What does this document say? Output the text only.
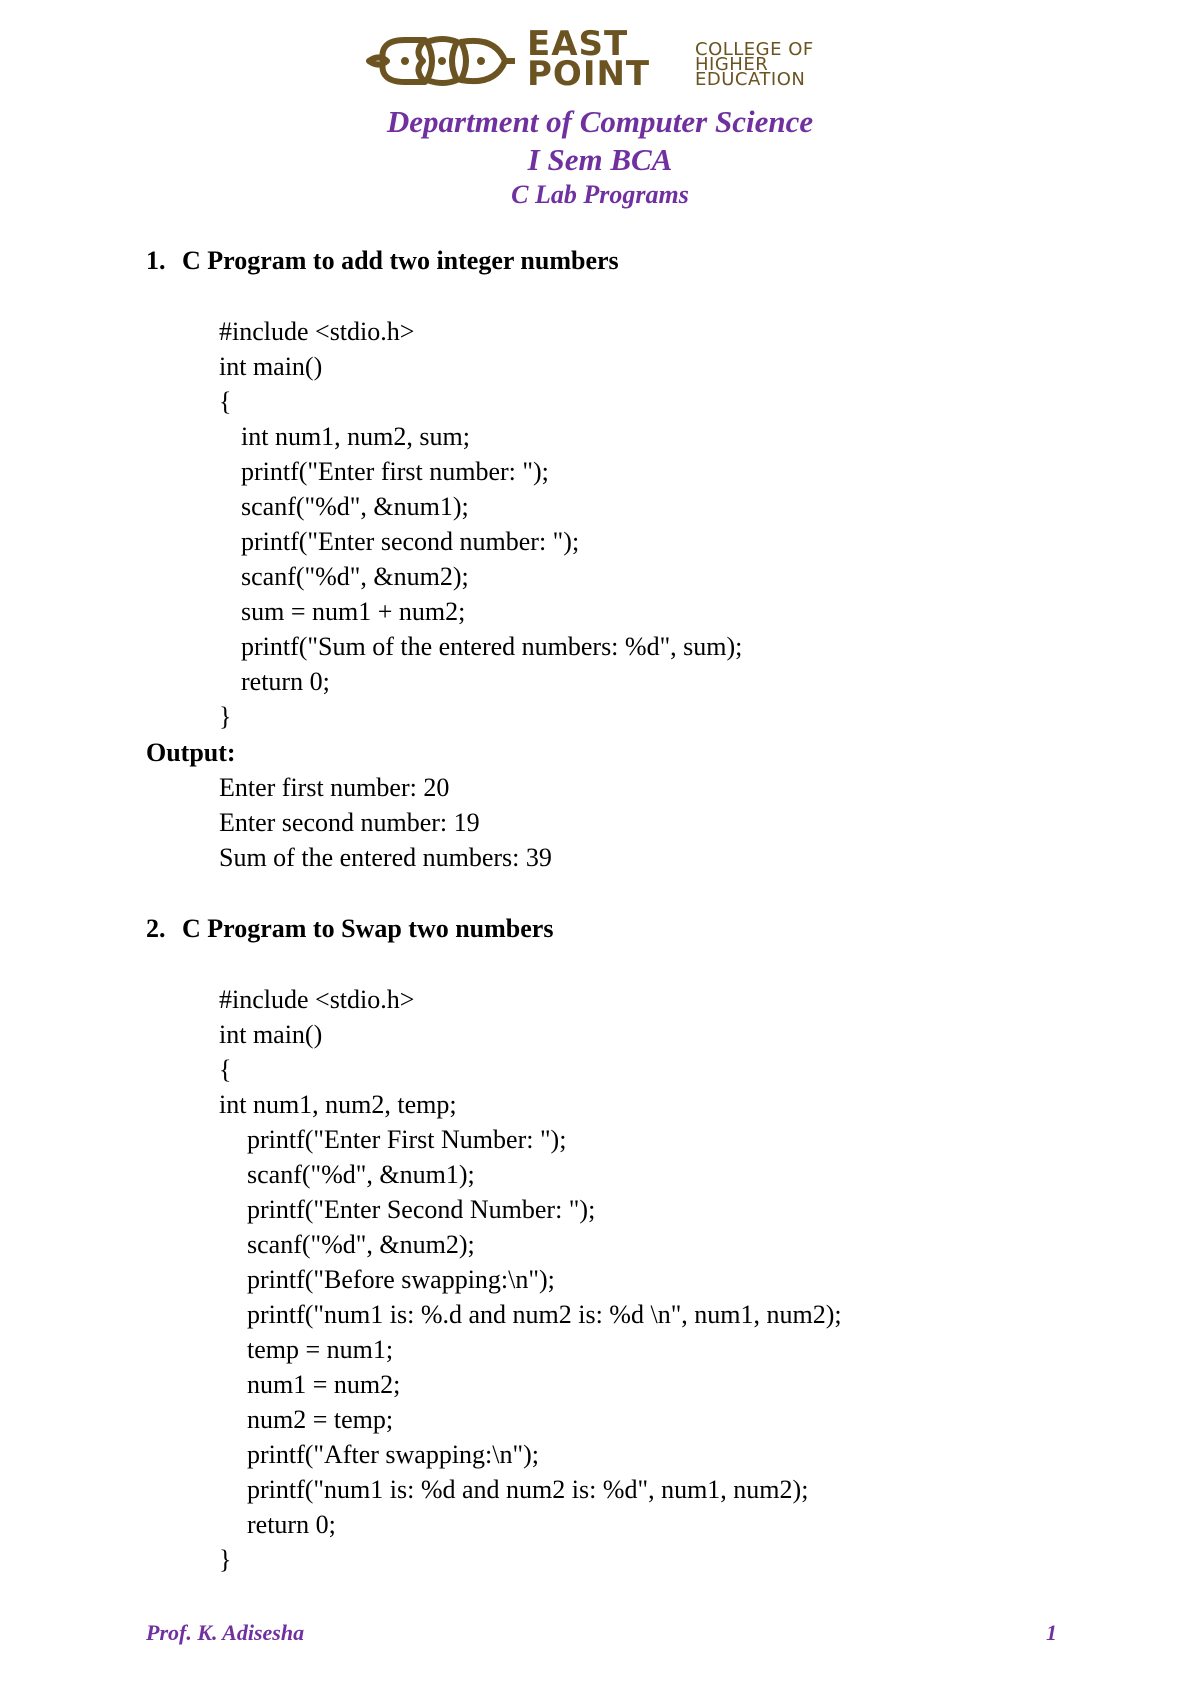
EAST
POINT
COLLEGE OF
HIGHER
EDUCATION
Department of Computer Science
I Sem BCA
C Lab Programs
1. C Program to add two integer numbers
#include <stdio.h>
int main()
{
int num1, num2, sum;
printf("Enter first number: ");
scanf("%d", &num1);
printf("Enter second number: ");
scanf("%d", &num2);
sum = num1 + num2;
printf("Sum of the entered numbers: %d", sum);
return 0;
}
Output:
Enter first number: 20
Enter second number: 19
Sum of the entered numbers: 39
2. C Program to Swap two numbers
#include <stdio.h>
int main()
{
int num1, num2, temp;
printf("Enter First Number: ");
scanf("%d", &num1);
printf("Enter Second Number: ");
scanf("%d", &num2);
printf("Before swapping:\n");
printf("num1 is: %.d and num2 is: %d \n", num1, num2);
temp = num1;
num1 = num2;
num2 = temp;
printf("After swapping:\n");
printf("num1 is: %d and num2 is: %d", num1, num2);
return 0;
}
Prof. K. Adisesha	1
